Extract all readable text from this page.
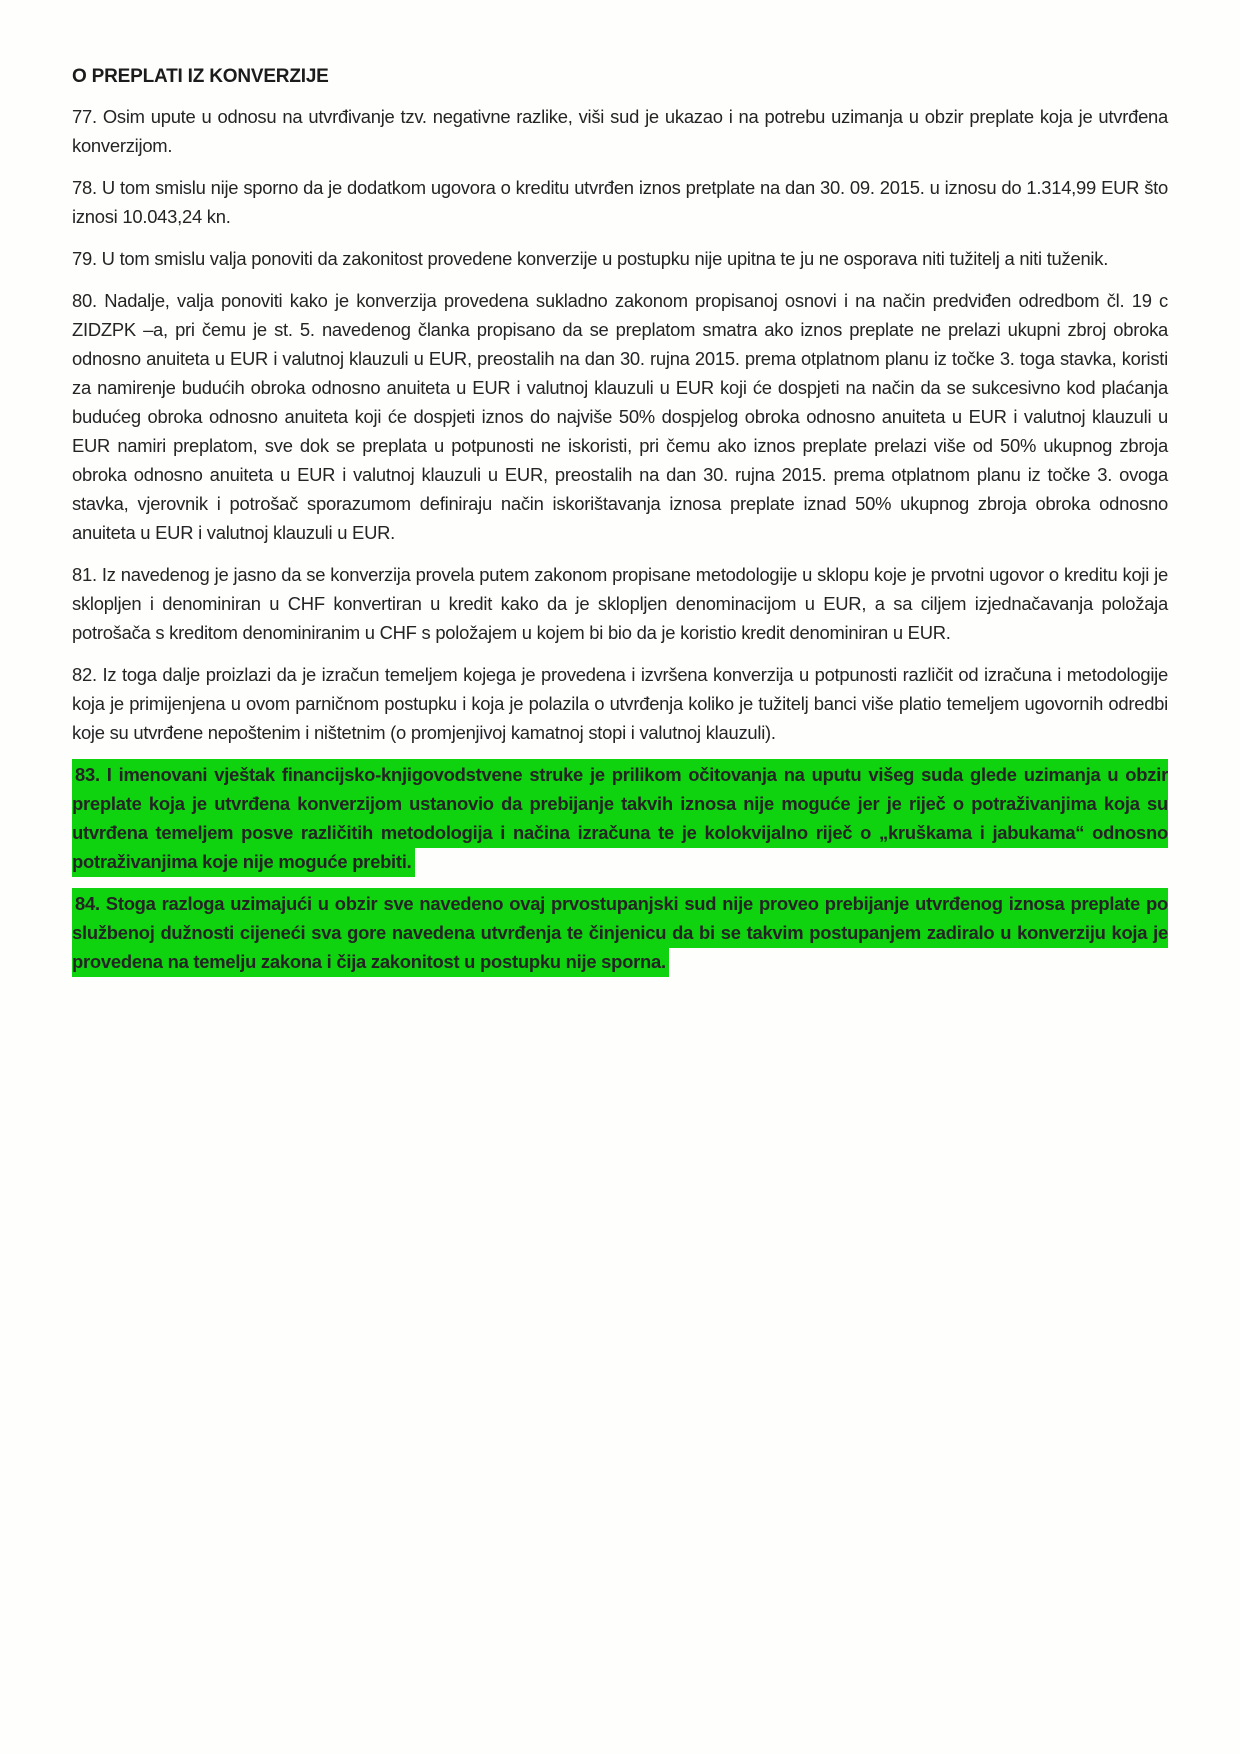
O PREPLATI IZ KONVERZIJE

77. Osim upute u odnosu na utvrđivanje tzv. negativne razlike, viši sud je ukazao i na potrebu uzimanja u obzir preplate koja je utvrđena konverzijom.

78. U tom smislu nije sporno da je dodatkom ugovora o kreditu utvrđen iznos pretplate na dan 30. 09. 2015. u iznosu do 1.314,99 EUR što iznosi 10.043,24 kn.

79. U tom smislu valja ponoviti da zakonitost provedene konverzije u postupku nije upitna te ju ne osporava niti tužitelj a niti tuženik.

80. Nadalje, valja ponoviti kako je konverzija provedena sukladno zakonom propisanoj osnovi i na način predviđen odredbom čl. 19 c ZIDZPK –a, pri čemu je st. 5. navedenog članka propisano da se preplatom smatra ako iznos preplate ne prelazi ukupni zbroj obroka odnosno anuiteta u EUR i valutnoj klauzuli u EUR, preostalih na dan 30. rujna 2015. prema otplatnom planu iz točke 3. toga stavka, koristi za namirenje budućih obroka odnosno anuiteta u EUR i valutnoj klauzuli u EUR koji će dospjeti na način da se sukcesivno kod plaćanja budućeg obroka odnosno anuiteta koji će dospjeti iznos do najviše 50% dospjelog obroka odnosno anuiteta u EUR i valutnoj klauzuli u EUR namiri preplatom, sve dok se preplata u potpunosti ne iskoristi, pri čemu ako iznos preplate prelazi više od 50% ukupnog zbroja obroka odnosno anuiteta u EUR i valutnoj klauzuli u EUR, preostalih na dan 30. rujna 2015. prema otplatnom planu iz točke 3. ovoga stavka, vjerovnik i potrošač sporazumom definiraju način iskorištavanja iznosa preplate iznad 50% ukupnog zbroja obroka odnosno anuiteta u EUR i valutnoj klauzuli u EUR.

81. Iz navedenog je jasno da se konverzija provela putem zakonom propisane metodologije u sklopu koje je prvotni ugovor o kreditu koji je sklopljen i denominiran u CHF konvertiran u kredit kako da je sklopljen denominacijom u EUR, a sa ciljem izjednačavanja položaja potrošača s kreditom denominiranim u CHF s položajem u kojem bi bio da je koristio kredit denominiran u EUR.

82. Iz toga dalje proizlazi da je izračun temeljem kojega je provedena i izvršena konverzija u potpunosti različit od izračuna i metodologije koja je primijenjena u ovom parničnom postupku i koja je polazila o utvrđenja koliko je tužitelj banci više platio temeljem ugovornih odredbi koje su utvrđene nepoštenim i ništetnim (o promjenjivoj kamatnoj stopi i valutnoj klauzuli).

83. I imenovani vještak financijsko-knjigovodstvene struke je prilikom očitovanja na uputu višeg suda glede uzimanja u obzir preplate koja je utvrđena konverzijom ustanovio da prebijanje takvih iznosa nije moguće jer je riječ o potraživanjima koja su utvrđena temeljem posve različitih metodologija i načina izračuna te je kolokvijalno riječ o „kruškama i jabukama“ odnosno potraživanjima koje nije moguće prebiti.

84. Stoga razloga uzimajući u obzir sve navedeno ovaj prvostupanjski sud nije proveo prebijanje utvrđenog iznosa preplate po službenoj dužnosti cijeneći sva gore navedena utvrđenja te činjenicu da bi se takvim postupanjem zadiralo u konverziju koja je provedena na temelju zakona i čija zakonitost u postupku nije sporna.
